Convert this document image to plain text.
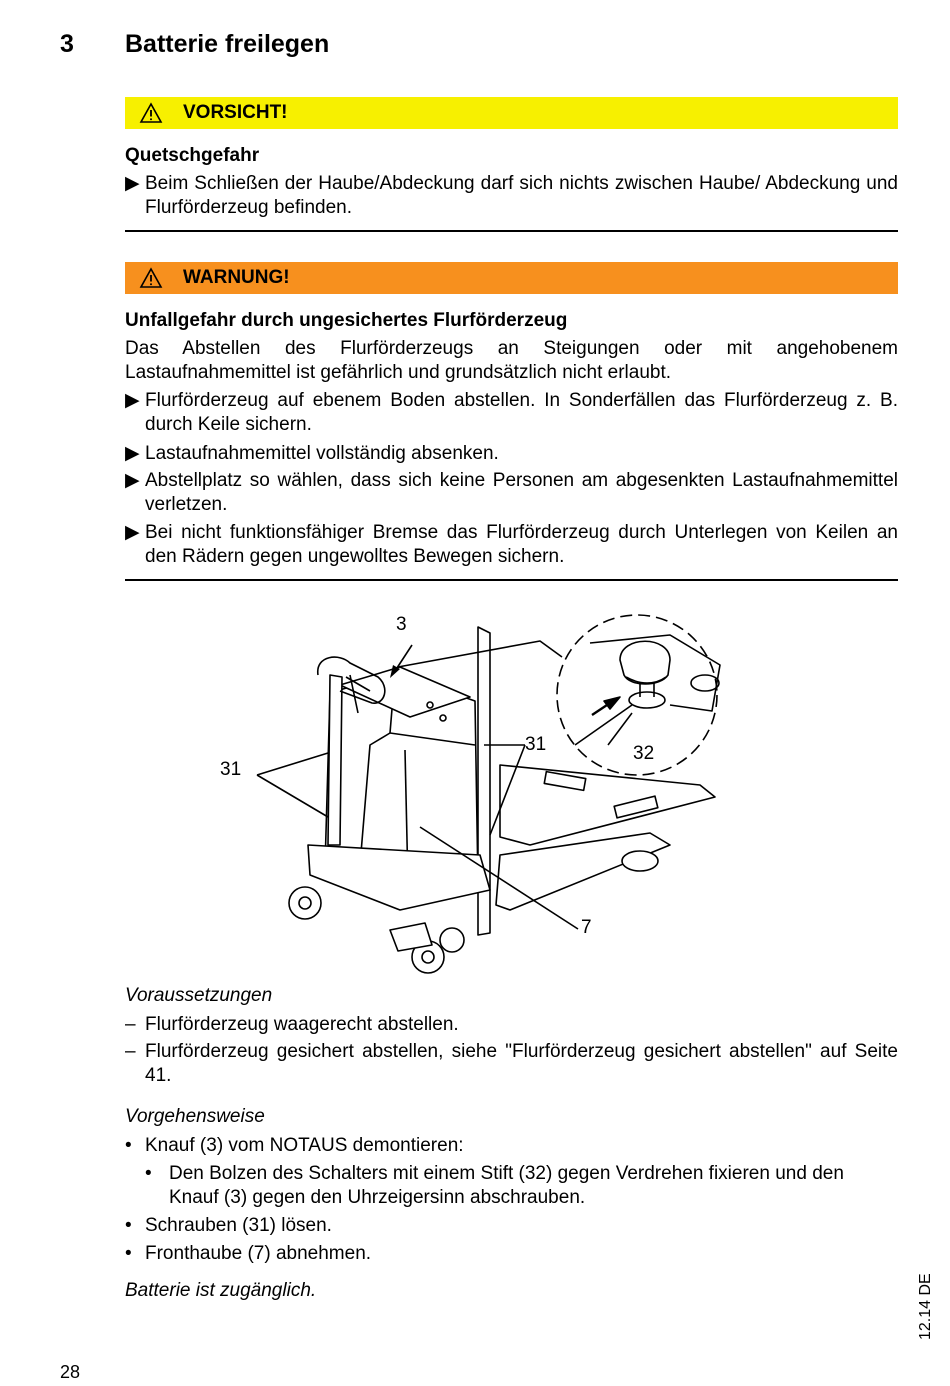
3 Batterie freilegen
VORSICHT!
Quetschgefahr
▶ Beim Schließen der Haube/Abdeckung darf sich nichts zwischen Haube/ Abdeckung und Flurförderzeug befinden.
WARNUNG!
Unfallgefahr durch ungesichertes Flurförderzeug
Das Abstellen des Flurförderzeugs an Steigungen oder mit angehobenem Lastaufnahmemittel ist gefährlich und grundsätzlich nicht erlaubt.
▶ Flurförderzeug auf ebenem Boden abstellen. In Sonderfällen das Flurförderzeug z. B. durch Keile sichern.
▶ Lastaufnahmemittel vollständig absenken.
▶ Abstellplatz so wählen, dass sich keine Personen am abgesenkten Lastaufnahmemittel verletzen.
▶ Bei nicht funktionsfähiger Bremse das Flurförderzeug durch Unterlegen von Keilen an den Rädern gegen ungewolltes Bewegen sichern.
3
31
31	32
7
Voraussetzungen
– Flurförderzeug waagerecht abstellen.
– Flurförderzeug gesichert abstellen, siehe "Flurförderzeug gesichert abstellen" auf Seite 41.
Vorgehensweise
• Knauf (3) vom NOTAUS demontieren:
• Den Bolzen des Schalters mit einem Stift (32) gegen Verdrehen fixieren und den Knauf (3) gegen den Uhrzeigersinn abschrauben.
• Schrauben (31) lösen.
• Fronthaube (7) abnehmen.
Batterie ist zugänglich.
28
12.14 DE
